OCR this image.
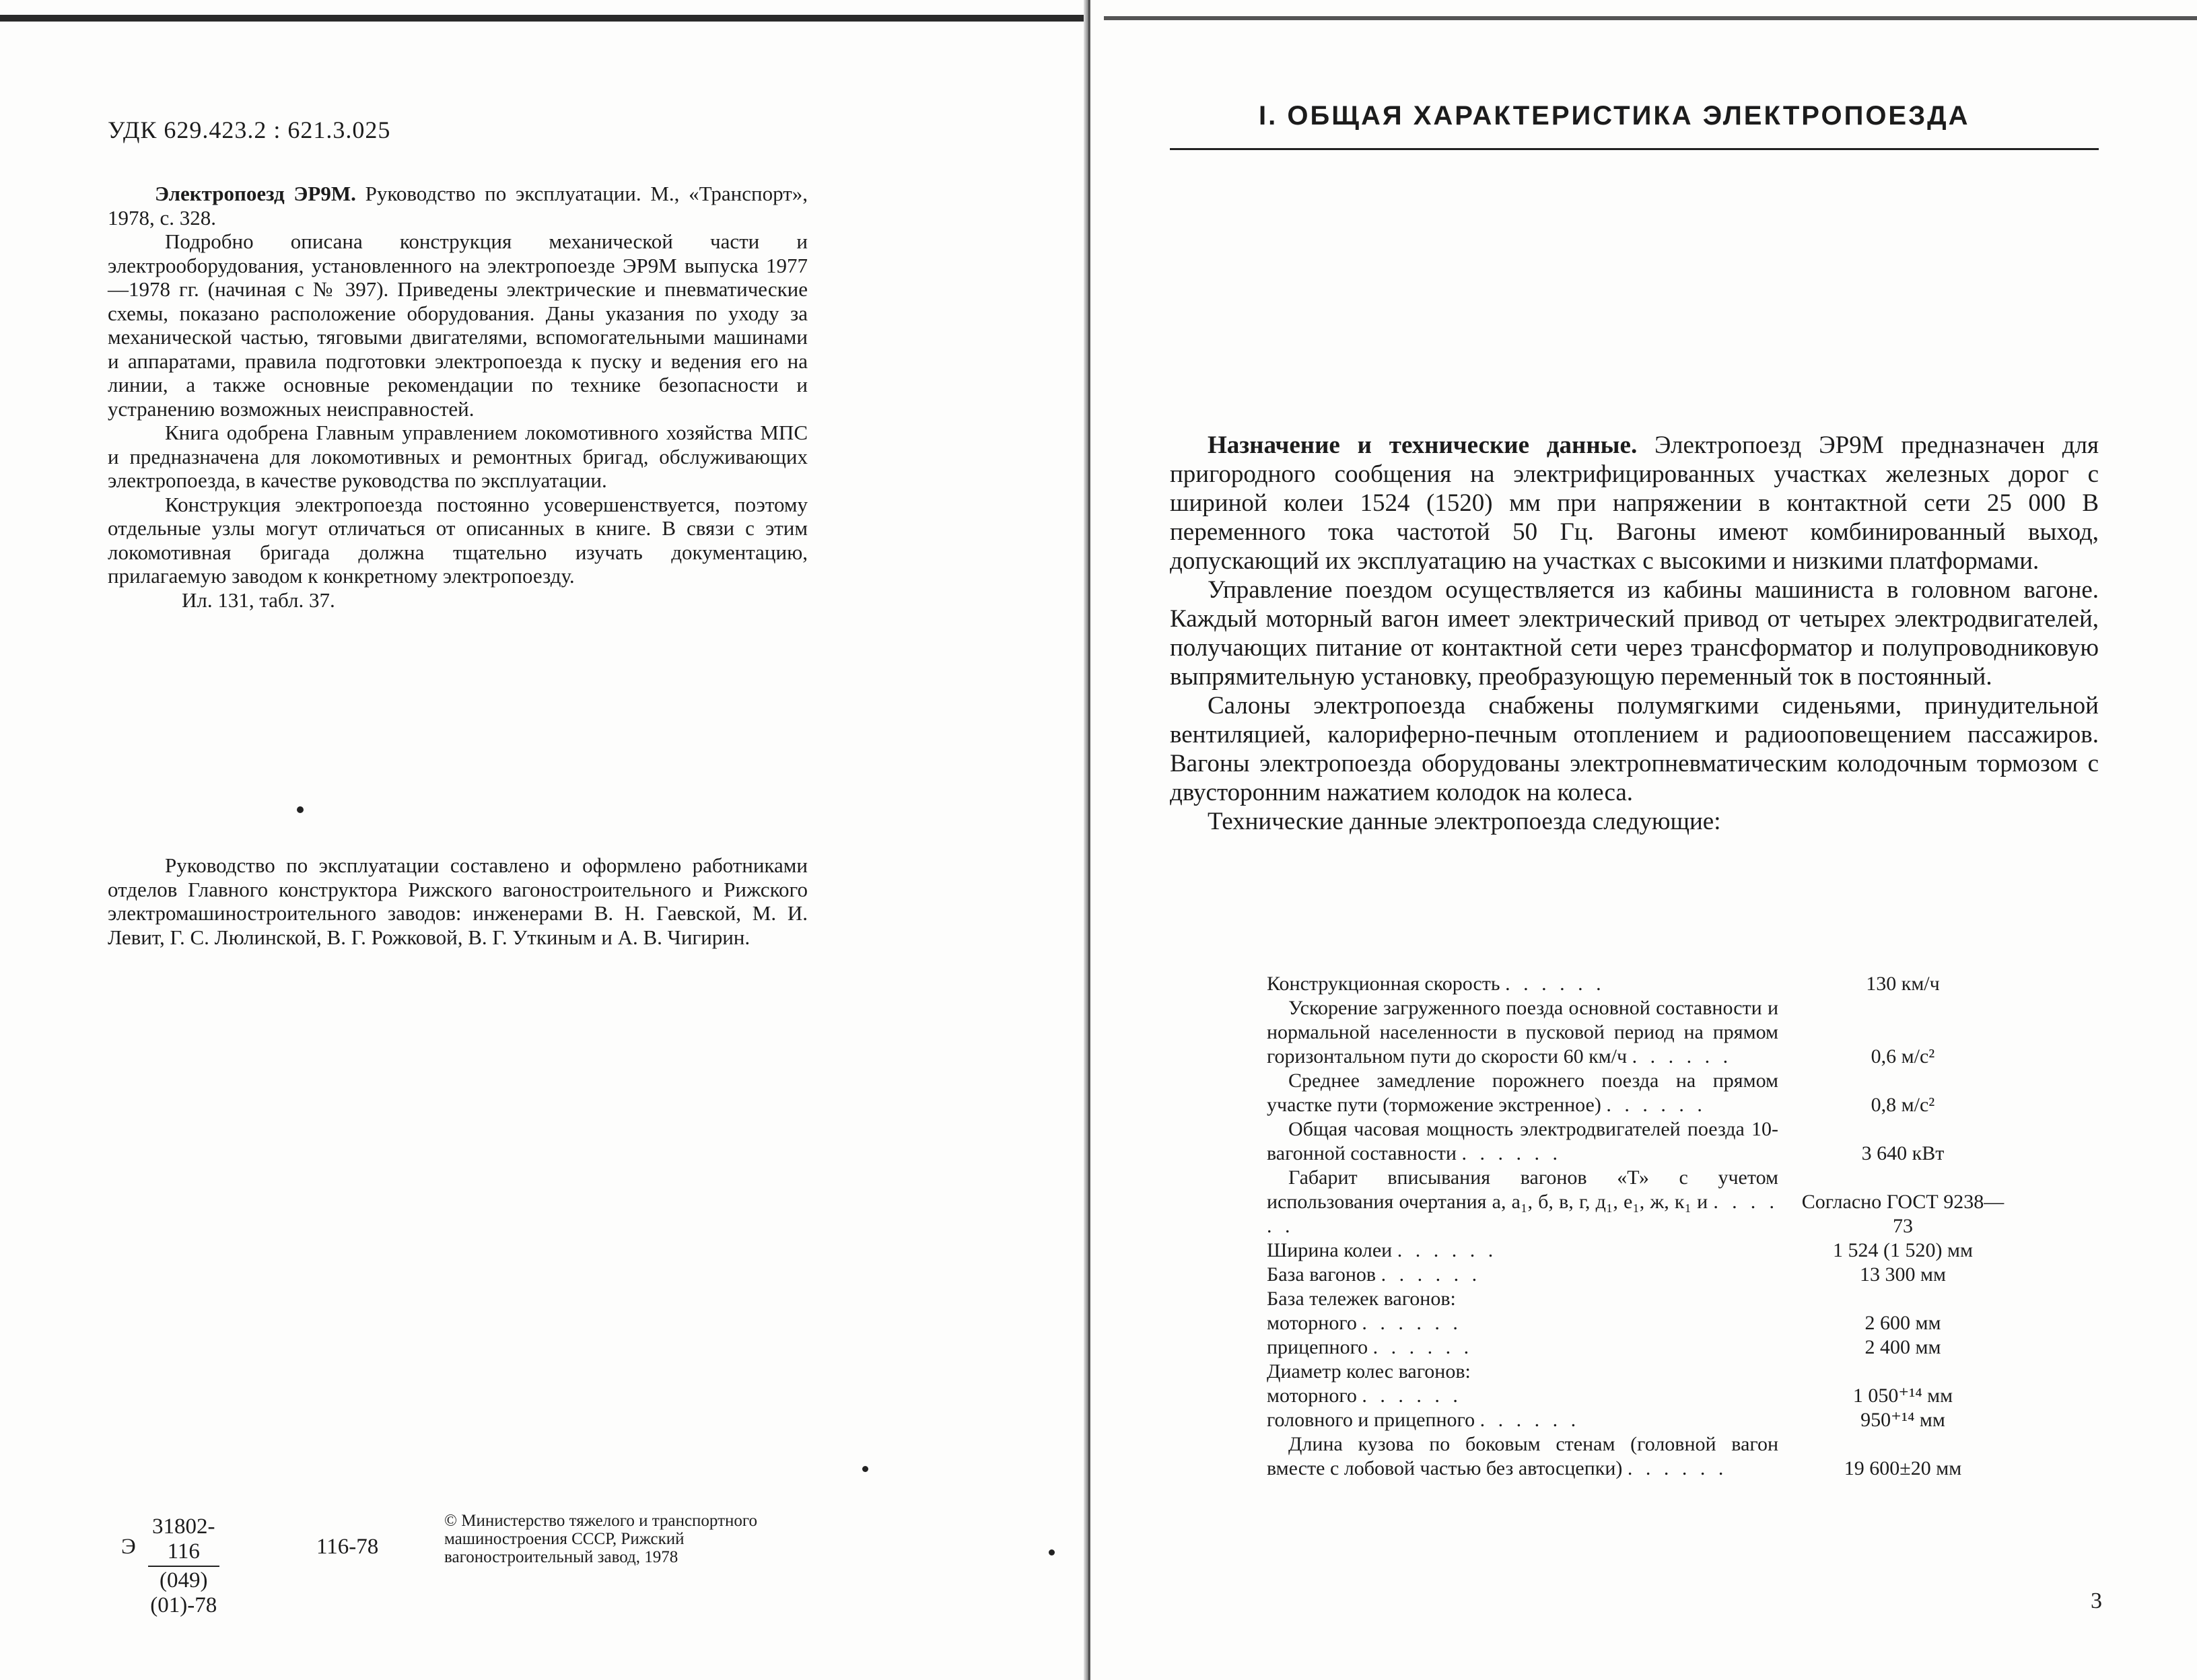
УДК 629.423.2 : 621.3.025

Электропоезд ЭР9М. Руководство по эксплуатации. М., «Транспорт», 1978, с. 328.

Подробно описана конструкция механической части и электрооборудования, установленного на электропоезде ЭР9М выпуска 1977—1978 гг. (начиная с № 397). Приведены электрические и пневматические схемы, показано расположение оборудования. Даны указания по уходу за механической частью, тяговыми двигателями, вспомогательными машинами и аппаратами, правила подготовки электропоезда к пуску и ведения его на линии, а также основные рекомендации по технике безопасности и устранению возможных неисправностей.

Книга одобрена Главным управлением локомотивного хозяйства МПС и предназначена для локомотивных и ремонтных бригад, обслуживающих электропоезда, в качестве руководства по эксплуатации.

Конструкция электропоезда постоянно усовершенствуется, поэтому отдельные узлы могут отличаться от описанных в книге. В связи с этим локомотивная бригада должна тщательно изучать документацию, прилагаемую заводом к конкретному электропоезду.

Ил. 131, табл. 37.

Руководство по эксплуатации составлено и оформлено работниками отделов Главного конструктора Рижского вагоностроительного и Рижского электромашиностроительного заводов: инженерами В. Н. Гаевской, М. И. Левит, Г. С. Люлинской, В. Г. Рожковой, В. Г. Уткиным и А. В. Чигирин.

Э $\frac{31802-116}{(049) (01)-78}$	116-78
© Министерство тяжелого и транспортного машиностроения СССР, Рижский вагоностроительный завод, 1978
I. ОБЩАЯ ХАРАКТЕРИСТИКА ЭЛЕКТРОПОЕЗДА

Назначение и технические данные. Электропоезд ЭР9М предназначен для пригородного сообщения на электрифицированных участках железных дорог с шириной колеи 1524 (1520) мм при напряжении в контактной сети 25 000 В переменного тока частотой 50 Гц. Вагоны имеют комбинированный выход, допускающий их эксплуатацию на участках с высокими и низкими платформами.

Управление поездом осуществляется из кабины машиниста в головном вагоне. Каждый моторный вагон имеет электрический привод от четырех электродвигателей, получающих питание от контактной сети через трансформатор и полупроводниковую выпрямительную установку, преобразующую переменный ток в постоянный.

Салоны электропоезда снабжены полумягкими сиденьями, принудительной вентиляцией, калориферно-печным отоплением и радиооповещением пассажиров. Вагоны электропоезда оборудованы электропневматическим колодочным тормозом с двусторонним нажатием колодок на колеса.

Технические данные электропоезда следующие:

Конструкционная скорость . . . . . .	130 км/ч
Ускорение загруженного поезда основной составности и нормальной населенности в пусковой период на прямом горизонтальном пути до скорости 60 км/ч . . . . . .	0,6 м/с²
Среднее замедление порожнего поезда на прямом участке пути (торможение экстренное) . . . . . .	0,8 м/с²
Общая часовая мощность электродвигателей поезда 10-вагонной составности . . . . . .	3 640 кВт
Габарит вписывания вагонов «Т» с учетом использования очертания а, а₁, б, в, г, д₁, е₁, ж, к₁ и . . . . . .	Согласно ГОСТ 9238—73
Ширина колеи . . . . . .	1 524 (1 520) мм
База вагонов . . . . . .	13 300 мм
База тележек вагонов:	
моторного . . . . . .	2 600 мм
прицепного . . . . . .	2 400 мм
Диаметр колес вагонов:	
моторного . . . . . .	1 050⁺¹⁴ мм
головного и прицепного . . . . . .	950⁺¹⁴ мм
Длина кузова по боковым стенам (головной вагон вместе с лобовой частью без автосцепки) . . . . . .	19 600±20 мм
3
